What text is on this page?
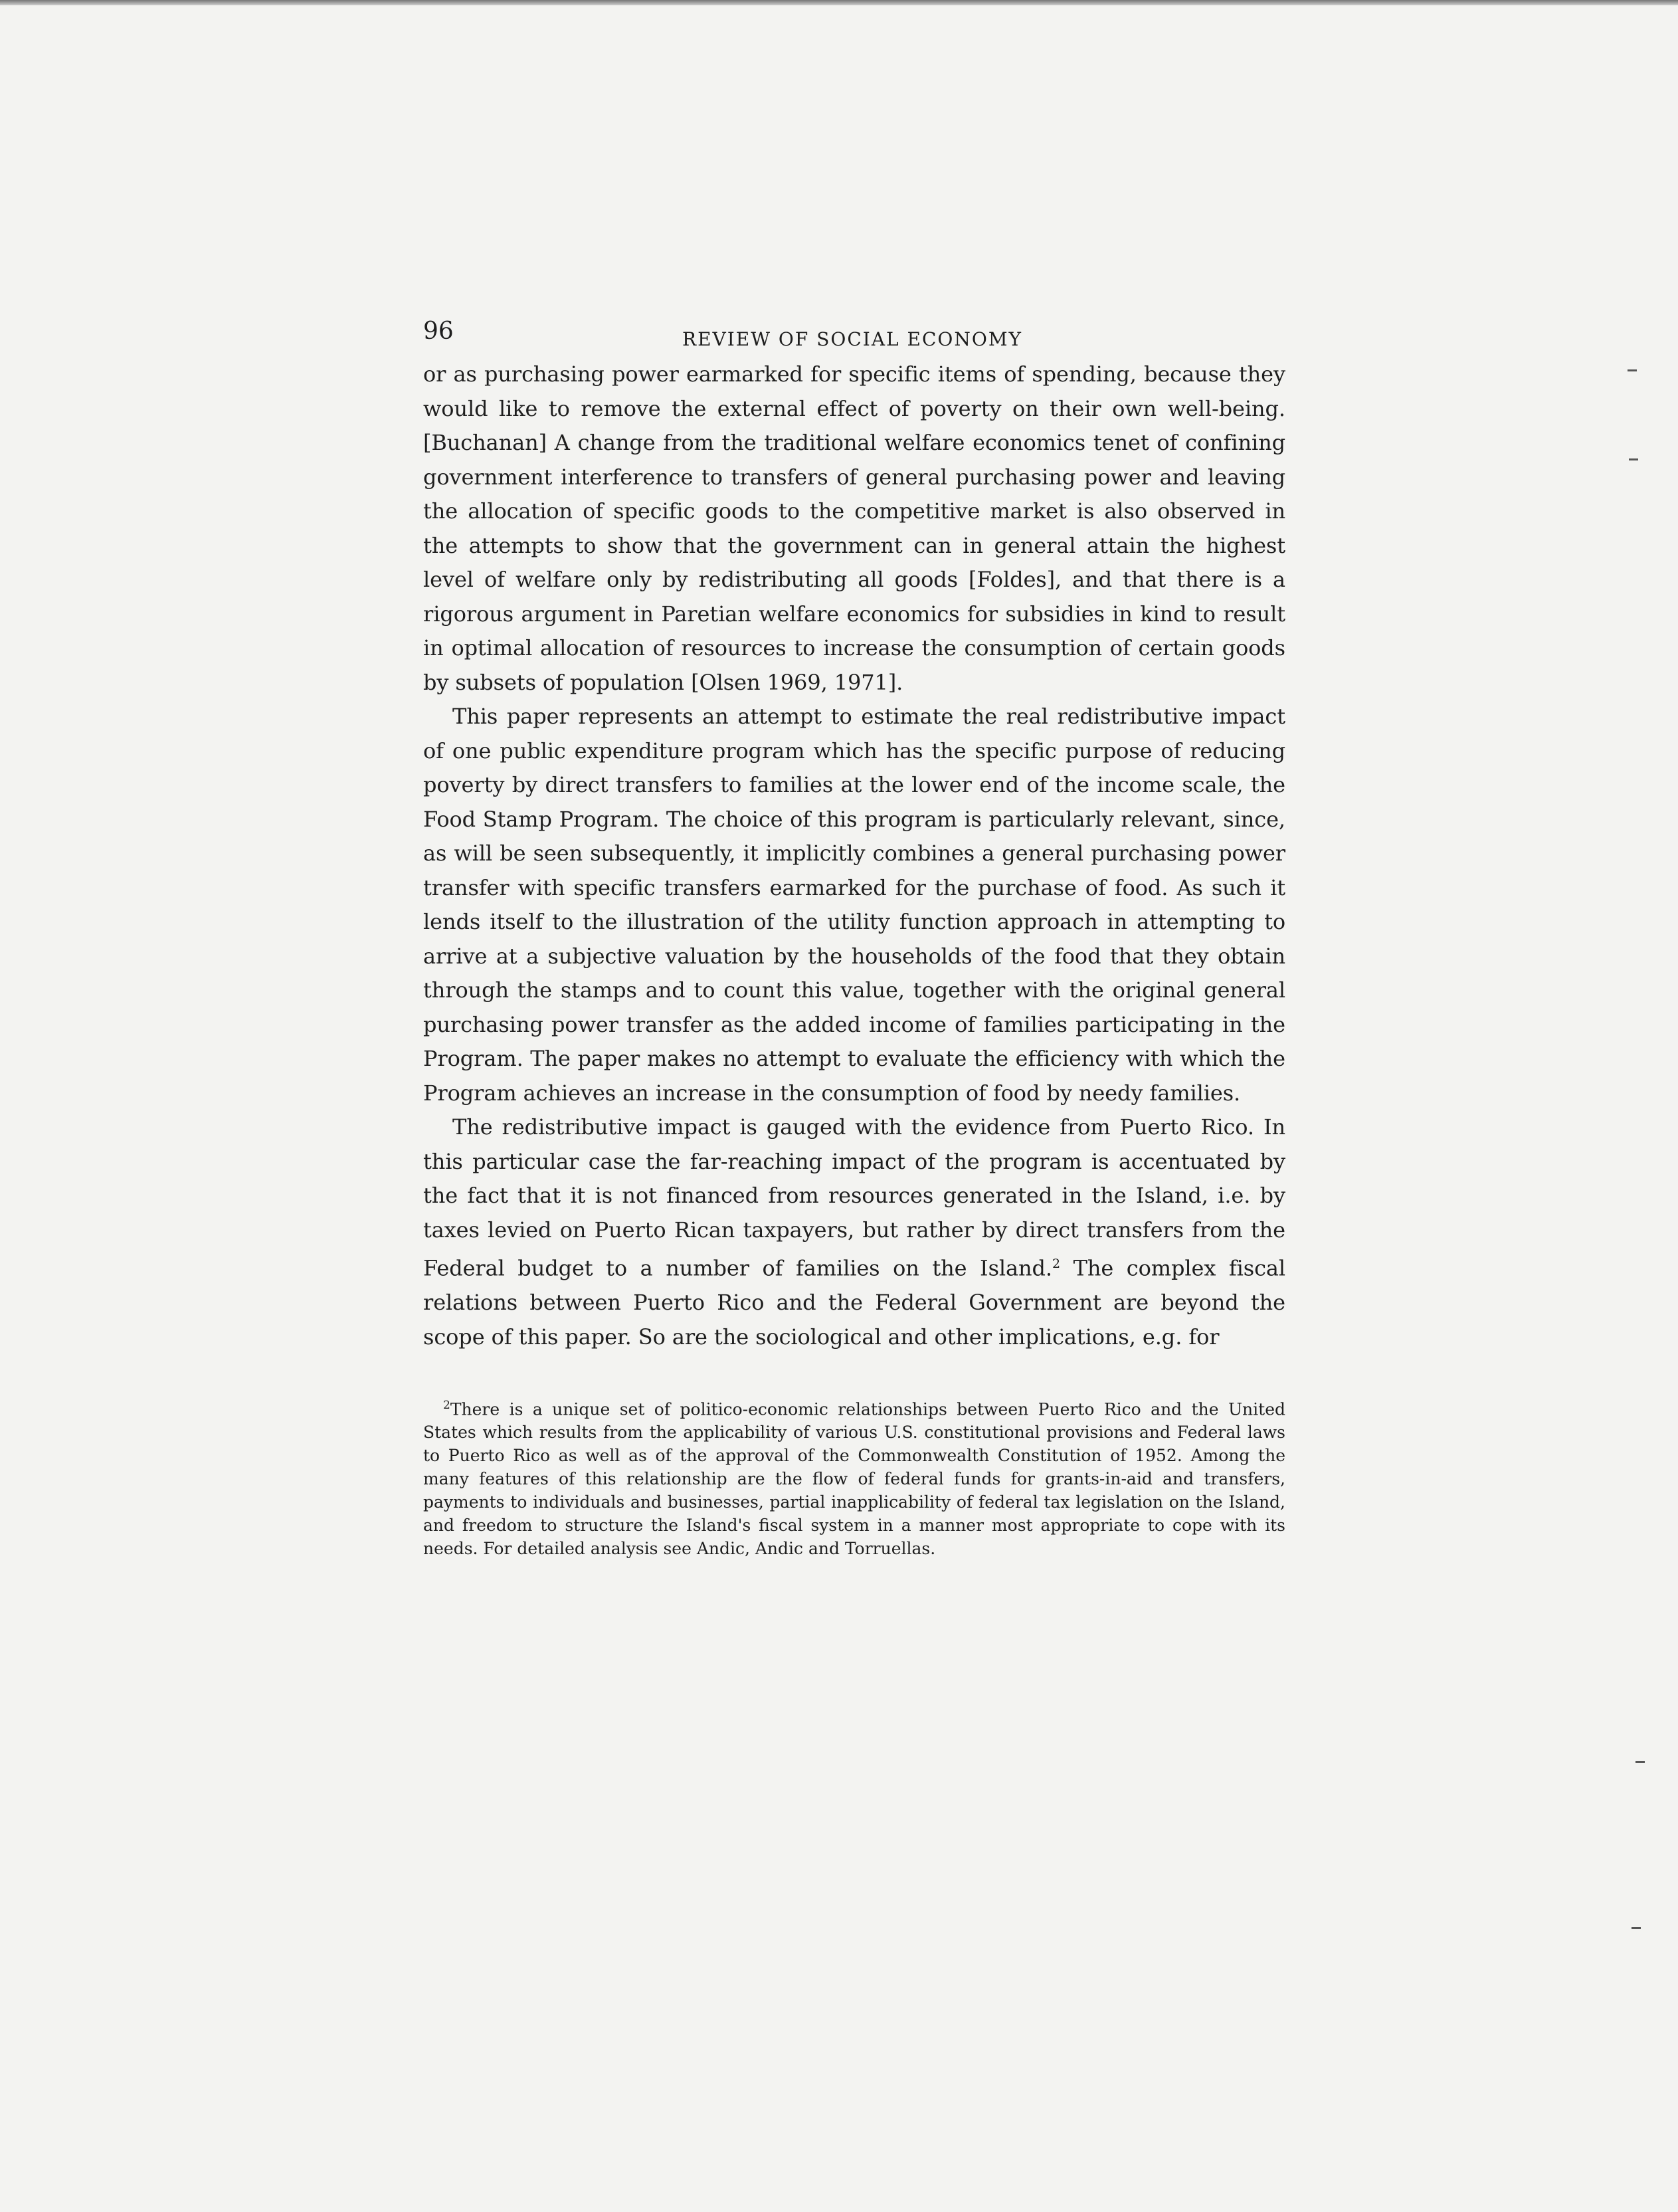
96	REVIEW OF SOCIAL ECONOMY

or as purchasing power earmarked for specific items of spending, because they would like to remove the external effect of poverty on their own well-being. [Buchanan] A change from the traditional welfare economics tenet of confining government interference to transfers of general purchasing power and leaving the allocation of specific goods to the competitive market is also observed in the attempts to show that the government can in general attain the highest level of welfare only by redistributing all goods [Foldes], and that there is a rigorous argument in Paretian welfare economics for subsidies in kind to result in optimal allocation of resources to increase the consumption of certain goods by subsets of population [Olsen 1969, 1971].

This paper represents an attempt to estimate the real redistributive impact of one public expenditure program which has the specific purpose of reducing poverty by direct transfers to families at the lower end of the income scale, the Food Stamp Program. The choice of this program is particularly relevant, since, as will be seen subsequently, it implicitly combines a general purchasing power transfer with specific transfers earmarked for the purchase of food. As such it lends itself to the illustration of the utility function approach in attempting to arrive at a subjective valuation by the households of the food that they obtain through the stamps and to count this value, together with the original general purchasing power transfer as the added income of families participating in the Program. The paper makes no attempt to evaluate the efficiency with which the Program achieves an increase in the consumption of food by needy families.

The redistributive impact is gauged with the evidence from Puerto Rico. In this particular case the far-reaching impact of the program is accentuated by the fact that it is not financed from resources generated in the Island, i.e. by taxes levied on Puerto Rican taxpayers, but rather by direct transfers from the Federal budget to a number of families on the Island.$^2$ The complex fiscal relations between Puerto Rico and the Federal Government are beyond the scope of this paper. So are the sociological and other implications, e.g. for

$^2$There is a unique set of politico-economic relationships between Puerto Rico and the United States which results from the applicability of various U.S. constitutional provisions and Federal laws to Puerto Rico as well as of the approval of the Commonwealth Constitution of 1952. Among the many features of this relationship are the flow of federal funds for grants-in-aid and transfers, payments to individuals and businesses, partial inapplicability of federal tax legislation on the Island, and freedom to structure the Island's fiscal system in a manner most appropriate to cope with its needs. For detailed analysis see Andic, Andic and Torruellas.
